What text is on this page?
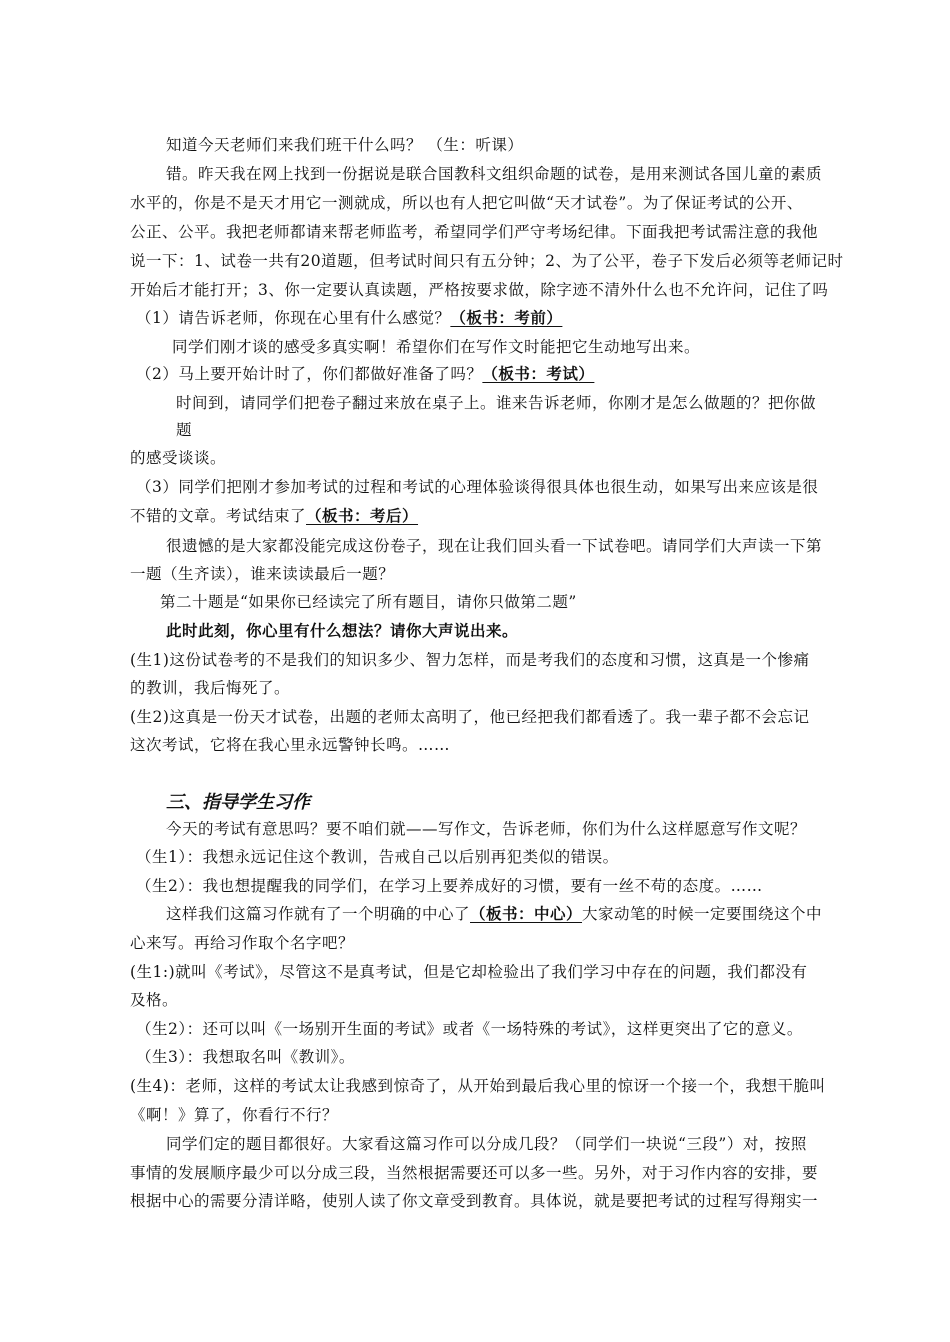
知道今天老师们来我们班干什么吗？ （生：听课）
错。昨天我在网上找到一份据说是联合国教科文组织命题的试卷，是用来测试各国儿童的素质
水平的，你是不是天才用它一测就成，所以也有人把它叫做“天才试卷”。为了保证考试的公开、
公正、公平。我把老师都请来帮老师监考，希望同学们严守考场纪律。下面我把考试需注意的我他
说一下：1、试卷一共有20道题，但考试时间只有五分钟；2、为了公平，卷子下发后必须等老师记时
开始后才能打开；3、你一定要认真读题，严格按要求做，除字迹不清外什么也不允许问，记住了吗
（1）请告诉老师，你现在心里有什么感觉？（板书：考前）
同学们刚才谈的感受多真实啊！希望你们在写作文时能把它生动地写出来。
（2）马上要开始计时了，你们都做好准备了吗？（板书：考试）
时间到，请同学们把卷子翻过来放在桌子上。谁来告诉老师，你刚才是怎么做题的？把你做
题
的感受谈谈。
（3）同学们把刚才参加考试的过程和考试的心理体验谈得很具体也很生动，如果写出来应该是很
不错的文章。考试结束了（板书：考后）
很遗憾的是大家都没能完成这份卷子，现在让我们回头看一下试卷吧。请同学们大声读一下第
一题（生齐读），谁来读读最后一题？
第二十题是“如果你已经读完了所有题目，请你只做第二题”
此时此刻，你心里有什么想法？请你大声说出来。
(生1)这份试卷考的不是我们的知识多少、智力怎样，而是考我们的态度和习惯，这真是一个惨痛
的教训，我后悔死了。
(生2)这真是一份天才试卷，出题的老师太高明了，他已经把我们都看透了。我一辈子都不会忘记
这次考试，它将在我心里永远警钟长鸣。……
三、指导学生习作
今天的考试有意思吗？要不咱们就——写作文，告诉老师，你们为什么这样愿意写作文呢？
（生1）：我想永远记住这个教训，告戒自己以后别再犯类似的错误。
（生2）：我也想提醒我的同学们，在学习上要养成好的习惯，要有一丝不苟的态度。……
这样我们这篇习作就有了一个明确的中心了（板书：中心）大家动笔的时候一定要围绕这个中
心来写。再给习作取个名字吧？
(生1:)就叫《考试》，尽管这不是真考试，但是它却检验出了我们学习中存在的问题，我们都没有
及格。
（生2）：还可以叫《一场别开生面的考试》或者《一场特殊的考试》，这样更突出了它的意义。
（生3）：我想取名叫《教训》。
(生4)：老师，这样的考试太让我感到惊奇了，从开始到最后我心里的惊讶一个接一个，我想干脆叫
《啊！》算了，你看行不行？
同学们定的题目都很好。大家看这篇习作可以分成几段？（同学们一块说“三段”）对，按照
事情的发展顺序最少可以分成三段，当然根据需要还可以多一些。另外，对于习作内容的安排，要
根据中心的需要分清详略，使别人读了你文章受到教育。具体说，就是要把考试的过程写得翔实一
